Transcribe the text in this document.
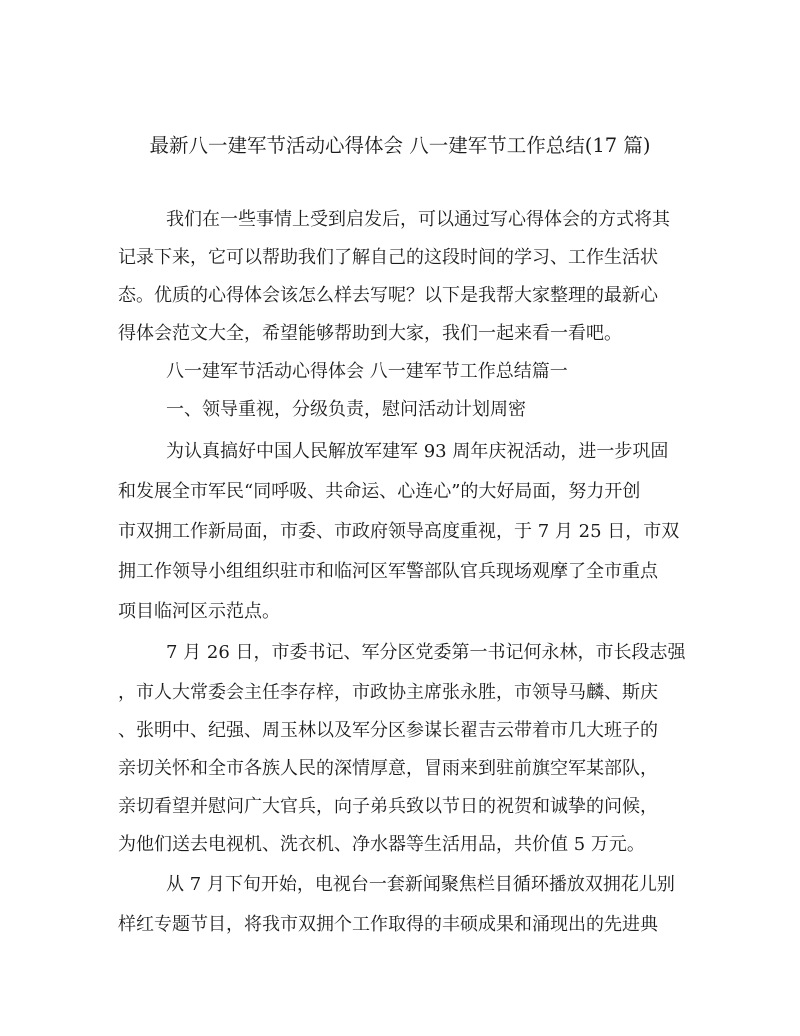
最新八一建军节活动心得体会 八一建军节工作总结(17 篇)
我们在一些事情上受到启发后，可以通过写心得体会的方式将其
记录下来，它可以帮助我们了解自己的这段时间的学习、工作生活状
态。优质的心得体会该怎么样去写呢？以下是我帮大家整理的最新心
得体会范文大全，希望能够帮助到大家，我们一起来看一看吧。
八一建军节活动心得体会 八一建军节工作总结篇一
一、领导重视，分级负责，慰问活动计划周密
为认真搞好中国人民解放军建军 93 周年庆祝活动，进一步巩固
和发展全市军民“同呼吸、共命运、心连心”的大好局面，努力开创
市双拥工作新局面，市委、市政府领导高度重视，于 7 月 25 日，市双
拥工作领导小组组织驻市和临河区军警部队官兵现场观摩了全市重点
项目临河区示范点。
7 月 26 日，市委书记、军分区党委第一书记何永林，市长段志强
，市人大常委会主任李存梓，市政协主席张永胜，市领导马麟、斯庆
、张明中、纪强、周玉林以及军分区参谋长翟吉云带着市几大班子的
亲切关怀和全市各族人民的深情厚意，冒雨来到驻前旗空军某部队，
亲切看望并慰问广大官兵，向子弟兵致以节日的祝贺和诚挚的问候，
为他们送去电视机、洗衣机、净水器等生活用品，共价值 5 万元。
从 7 月下旬开始，电视台一套新闻聚焦栏目循环播放双拥花儿别
样红专题节目，将我市双拥个工作取得的丰硕成果和涌现出的先进典
